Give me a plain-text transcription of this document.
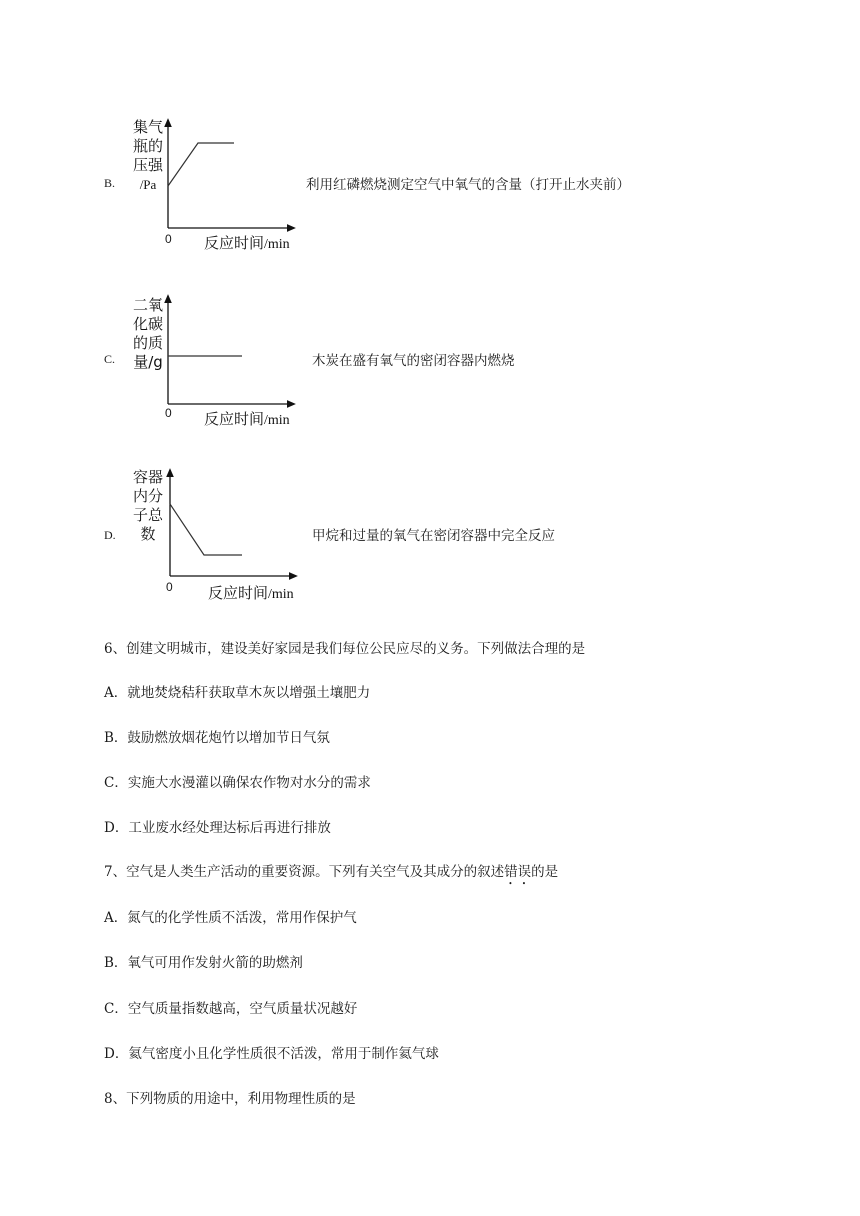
B.
集气
瓶的
压强
/Pa
0 反应时间/min
利用红磷燃烧测定空气中氧气的含量（打开止水夹前）
C.
二氧
化碳
的质
量/g
0 反应时间/min
木炭在盛有氧气的密闭容器内燃烧
D.
容器
内分
子总
数
0 反应时间/min
甲烷和过量的氧气在密闭容器中完全反应
6、创建文明城市，建设美好家园是我们每位公民应尽的义务。下列做法合理的是
A．就地焚烧秸秆获取草木灰以增强土壤肥力
B．鼓励燃放烟花炮竹以增加节日气氛
C．实施大水漫灌以确保农作物对水分的需求
D．工业废水经处理达标后再进行排放
7、空气是人类生产活动的重要资源。下列有关空气及其成分的叙述错误的是
A．氮气的化学性质不活泼，常用作保护气
B．氧气可用作发射火箭的助燃剂
C．空气质量指数越高，空气质量状况越好
D．氦气密度小且化学性质很不活泼，常用于制作氦气球
8、下列物质的用途中，利用物理性质的是
